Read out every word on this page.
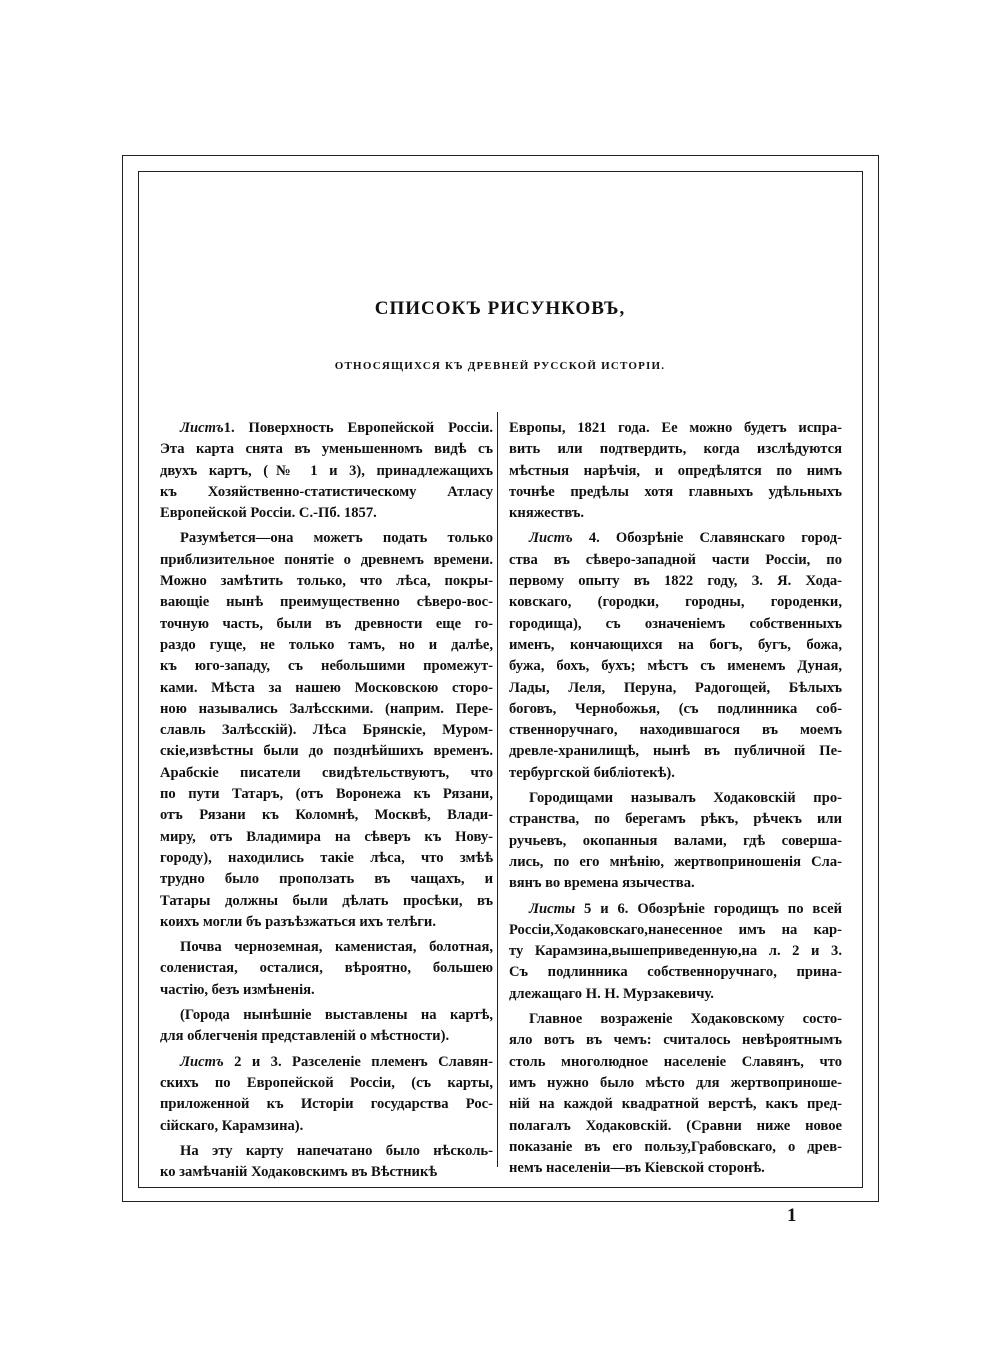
СПИСОКЪ РИСУНКОВЪ,
ОТНОСЯЩИХСЯ КЪ ДРЕВНЕЙ РУССКОЙ ИСТОРІИ.
Листъ1. Поверхность Европейской Россіи.
Эта карта снята въ уменьшенномъ видѣ съ
двухъ картъ, (№ 1 и 3), принадлежащихъ
къ Хозяйственно-статистическому Атласу
Европейской Россіи. С.-Пб. 1857.
Разумѣется—она можетъ подать только
приблизительное понятіе о древнемъ времени.
Можно замѣтить только, что лѣса, покры-
вающіе нынѣ преимущественно сѣверо-вос-
точную часть, были въ древности еще го-
раздо гуще, не только тамъ, но и далѣе,
къ юго-западу, съ небольшими промежут-
ками. Мѣста за нашею Московскою сторо-
ною назывались Залѣсскими. (наприм. Пере-
славль Залѣсскій). Лѣса Брянскіе, Муром-
скіе,извѣстны были до позднѣйшихъ временъ.
Арабскіе писатели свидѣтельствуютъ, что
по пути Татаръ, (отъ Воронежа къ Рязани,
отъ Рязани къ Коломнѣ, Москвѣ, Влади-
миру, отъ Владимира на сѣверъ къ Нову-
городу), находились такіе лѣса, что змѣѣ
трудно было проползать въ чащахъ, и
Татары должны были дѣлать просѣки, въ
коихъ могли бъ разъѣзжаться ихъ телѣги.
Почва черноземная, каменистая, болотная,
соленистая, осталися, вѣроятно, большею
частію, безъ измѣненія.
(Города нынѣшніе выставлены на картѣ,
для облегченія представленій о мѣстности).
Листъ 2 и 3. Разселеніе племенъ Славян-
скихъ по Европейской Россіи, (съ карты,
приложенной къ Исторіи государства Рос-
сійскаго, Карамзина).
На эту карту напечатано было нѣсколь-
ко замѣчаній Ходаковскимъ въ Вѣстникѣ
Европы, 1821 года. Ее можно будетъ испра-
вить или подтвердить, когда изслѣдуются
мѣстныя нарѣчія, и опредѣлятся по нимъ
точнѣе предѣлы хотя главныхъ удѣльныхъ
княжествъ.
Листъ 4. Обозрѣніе Славянскаго город-
ства въ сѣверо-западной части Россіи, по
первому опыту въ 1822 году, З. Я. Хода-
ковскаго, (городки, городны, городенки,
городища), съ означеніемъ собственныхъ
именъ, кончающихся на богъ, бугъ, божа,
бужа, бохъ, бухъ; мѣстъ съ именемъ Дуная,
Лады, Леля, Перуна, Радогощей, Бѣлыхъ
боговъ, Чернобожья, (съ подлинника соб-
ственноручнаго, находившагося въ моемъ
древле-хранилищѣ, нынѣ въ публичной Пе-
тербургской библіотекѣ).
Городищами называлъ Ходаковскій про-
странства, по берегамъ рѣкъ, рѣчекъ или
ручьевъ, окопанныя валами, гдѣ соверша-
лись, по его мнѣнію, жертвоприношенія Сла-
вянъ во времена язычества.
Листы 5 и 6. Обозрѣніе городищъ по всей
Россіи,Ходаковскаго,нанесенное имъ на кар-
ту Карамзина,вышеприведенную,на л. 2 и 3.
Съ подлинника собственноручнаго, прина-
длежащаго Н. Н. Мурзакевичу.
Главное возраженіе Ходаковскому состо-
яло вотъ въ чемъ: считалось невѣроятнымъ
столь многолюдное населеніе Славянъ, что
имъ нужно было мѣсто для жертвоприноше-
ній на каждой квадратной верстѣ, какъ пред-
полагалъ Ходаковскій. (Сравни ниже новое
показаніе въ его пользу,Грабовскаго, о древ-
немъ населеніи—въ Кіевской сторонѣ.
1
